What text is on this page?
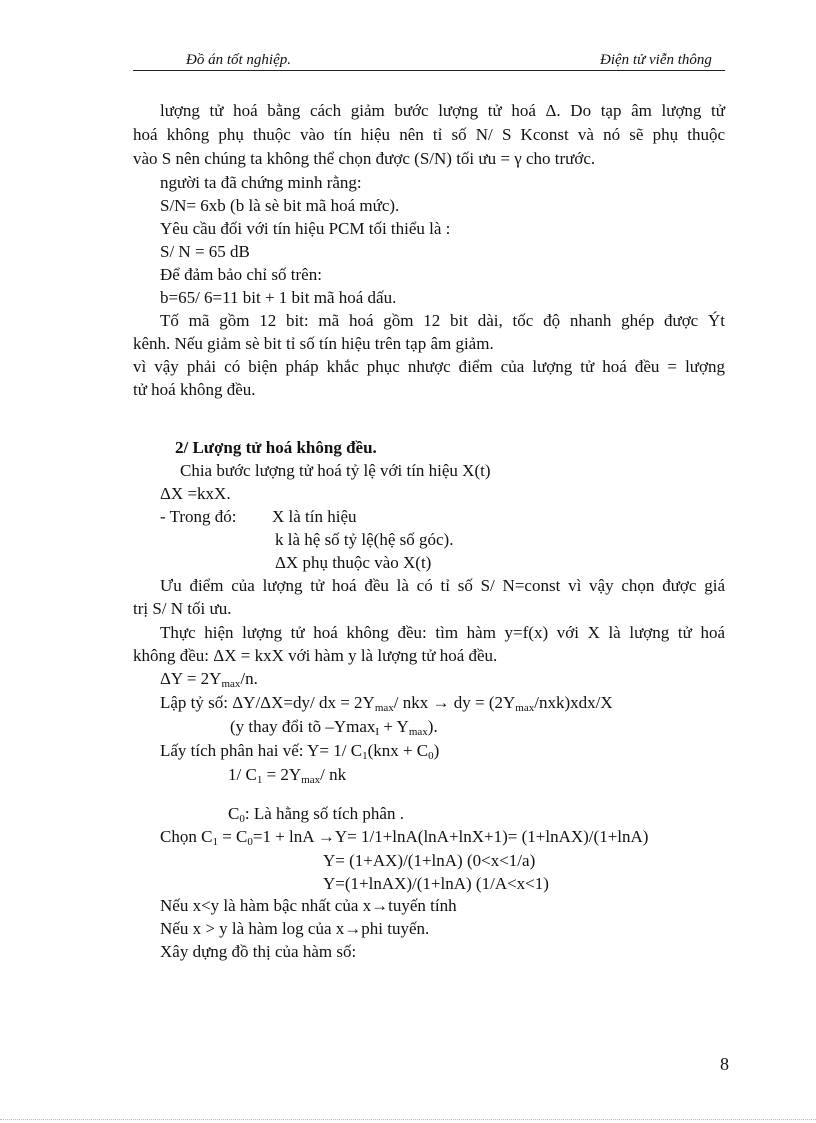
Đồ án tốt nghiệp.	Điện tử viễn thông
lượng tử hoá bằng cách giảm bước lượng tử hoá Δ. Do tạp âm lượng tử
hoá không phụ thuộc vào tín hiệu nên tỉ số N/ S Kconst và nó sẽ phụ thuộc
vào S nên chúng ta không thể chọn được (S/N) tối ưu = γ cho trước.
người ta đã chứng minh rằng:
S/N= 6xb (b là sè bit mã hoá mức).
Yêu cầu đối với tín hiệu PCM tối thiểu là :
S/ N = 65 dB
Để đảm bảo chỉ số trên:
b=65/ 6=11 bit + 1 bit mã hoá dấu.
Tố mã gồm 12 bit: mã hoá gồm 12 bit dài, tốc độ nhanh ghép được Ýt
kênh. Nếu giảm sè bit tỉ số tín hiệu trên tạp âm giảm.
vì vậy phải có biện pháp khắc phục nhược điểm của lượng tử hoá đều = lượng
tử hoá không đều.
2/ Lượng tử hoá không đều.
Chia bước lượng tử hoá tỷ lệ với tín hiệu X(t)
ΔX =kxX.
- Trong đó: X là tín hiệu
k là hệ số tỷ lệ(hệ số góc).
ΔX phụ thuộc vào X(t)
Ưu điểm của lượng tử hoá đều là có tỉ số S/ N=const vì vậy chọn được giá
trị S/ N tối ưu.
Thực hiện lượng tử hoá không đều: tìm hàm y=f(x) với X là lượng tử hoá
không đều: ΔX = kxX với hàm y là lượng tử hoá đều.
$\Delta Y = 2Y_{max}/n$.
Lập tỷ số: ΔY/ΔX=dy/ dx = $2Y_{max}/$ nkx → dy = $(2Y_{max}/nxk)xdx/X$
(y thay đổi tõ $-Ymax_I + Y_{max}$).
Lấy tích phân hai vế: Y= 1/ $C_1(knx + C_0)$
1/ $C_1 = 2Y_{max}/$ nk
$C_0$: Là hằng số tích phân .
Chọn $C_1 = C_0=1 + \ln A \to Y= 1/1+\ln A(\ln A+\ln X+1)=$ (1+lnAX)/(1+lnA)
Y= (1+AX)/(1+lnA) (0<x<1/a)
Y=(1+lnAX)/(1+lnA) (1/A<x<1)
Nếu x<y là hàm bậc nhất của x→tuyến tính
Nếu x > y là hàm log của x→phi tuyến.
Xây dựng đồ thị của hàm số:
8
